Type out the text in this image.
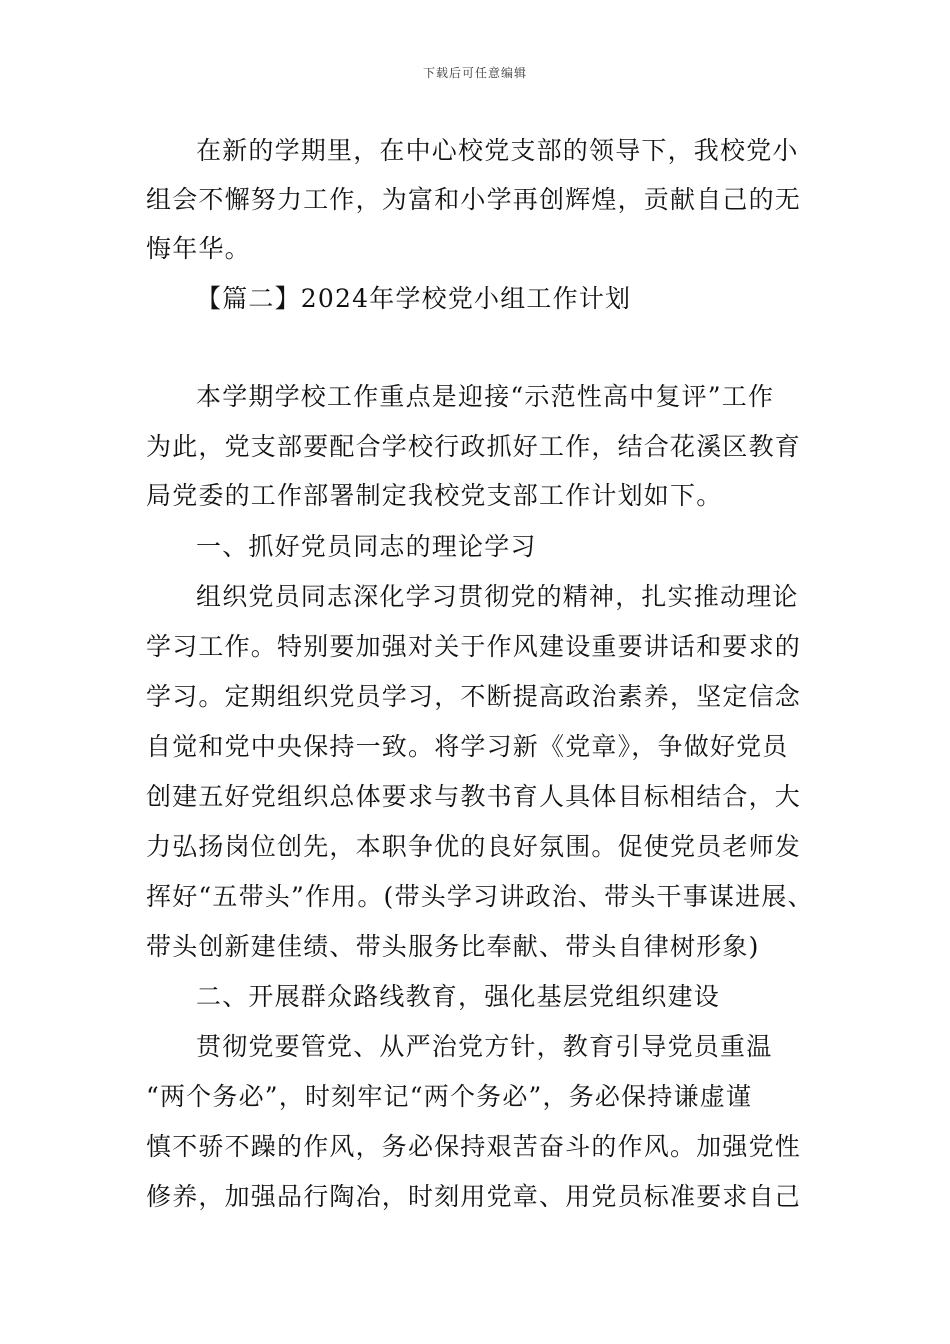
下载后可任意编辑
在新的学期里，在中心校党支部的领导下，我校党小
组会不懈努力工作，为富和小学再创辉煌，贡献自己的无
悔年华。
【篇二】2024年学校党小组工作计划
本学期学校工作重点是迎接“示范性高中复评”工作
为此，党支部要配合学校行政抓好工作，结合花溪区教育
局党委的工作部署制定我校党支部工作计划如下。
一、抓好党员同志的理论学习
组织党员同志深化学习贯彻党的精神，扎实推动理论
学习工作。特别要加强对关于作风建设重要讲话和要求的
学习。定期组织党员学习，不断提高政治素养，坚定信念
自觉和党中央保持一致。将学习新《党章》，争做好党员
创建五好党组织总体要求与教书育人具体目标相结合，大
力弘扬岗位创先，本职争优的良好氛围。促使党员老师发
挥好“五带头”作用。(带头学习讲政治、带头干事谋进展、
带头创新建佳绩、带头服务比奉献、带头自律树形象)
二、开展群众路线教育，强化基层党组织建设
贯彻党要管党、从严治党方针，教育引导党员重温
“两个务必”，时刻牢记“两个务必”，务必保持谦虚谨
慎不骄不躁的作风，务必保持艰苦奋斗的作风。加强党性
修养，加强品行陶冶，时刻用党章、用党员标准要求自己
